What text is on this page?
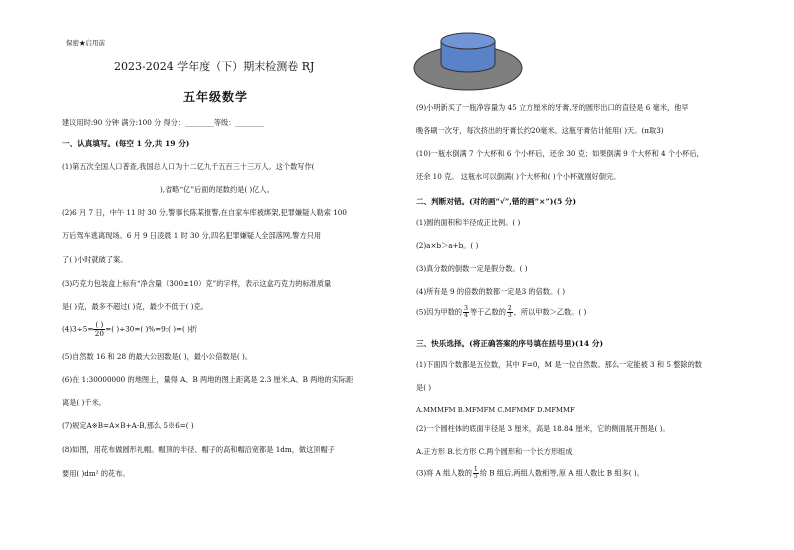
保密★启用前
2023-2024 学年度（下）期末检测卷 RJ
五年级数学
建议用时:90 分钟 满分:100 分 得分：________等级：________
一、认真填写。(每空 1 分,共 19 分)
(1)第五次全国人口普查,我国总人口为十二亿九千五百三十三万人。这个数写作(
),省略“亿”后面的尾数约是( )亿人。
(2)6 月 7 日，中午 11 时 30 分,警事长陈某报警,在自家车库被绑架,犯罪嫌疑人勒索 100
万后驾车逃离现场。6 月 9 日凌晨 1 时 30 分,四名犯罪嫌疑人全部落网,警方只用
了( )小时就破了案。
(3)巧克力包装盒上标有“净含量（300±10）克”的字样，表示这盒巧克力的标准质量
是( )克，最多不超过( )克，最少不低于( )克。
$(4)3\div 5= \frac{( )}{20}$ =( )÷30=( )%=9:( )=( )折
(5)自然数 16 和 28 的最大公因数是( )，最小公倍数是( )。
(6)在 1:30000000 的地图上，量得 A、B 两地的图上距离是 2.3 厘米,A、B 两地的实际距
离是( )千米。
(7)规定A※B=A×B+A-B,那么 5※6=( )
(8)如图，用花布做圆形礼帽。帽顶的半径、帽子的高和帽沿宽都是 1dm，做这顶帽子
要用( )dm² 的花布。
(9)小明新买了一瓶净容量为 45 立方厘米的牙膏,牙的圆形出口的直径是 6 毫米，他早
晚各刷一次牙，每次挤出的牙膏长约20毫米。这瓶牙膏估计能用( )天。(π取3)
(10)一瓶水倒满 7 个大杯和 6 个小杯后，还余 30 克；如果倒满 9 个大杯和 4 个小杯后，
还余 10 克。 这瓶水可以倒满( )个大杯和( )个小杯就刚好倒完。
二、判断对错。(对的画“√”,错的画“×”)(5 分)
(1)圆的面积和半径成正比例。( )
(2)a×b＞a+b。( )
(3)真分数的倒数一定是假分数。( )
(4)所有是 9 的倍数的数都一定是3 的倍数。( )
(5)因为甲数的 $\frac{3}{4}$ 等于乙数的 $\frac{2}{3}$ ，所以甲数＞乙数。( )
三、快乐选择。(将正确答案的序号填在括号里)(14 分)
(1)下面四个数都是五位数，其中 F=0，M 是一位自然数。那么一定能被 3 和 5 整除的数
是( )
A.MMMFM B.MFMFM C.MFMMF D.MFMMF
(2)一个圆柱体的底面半径是 3 厘米，高是 18.84 厘米，它的侧面展开图是( )。
A.正方形 B.长方形 C.两个圆形和一个长方形组成
(3)将 A 组人数的 $\frac{1}{5}$ 给 B 组后,两组人数相等,原 A 组人数比 B 组多( )。
